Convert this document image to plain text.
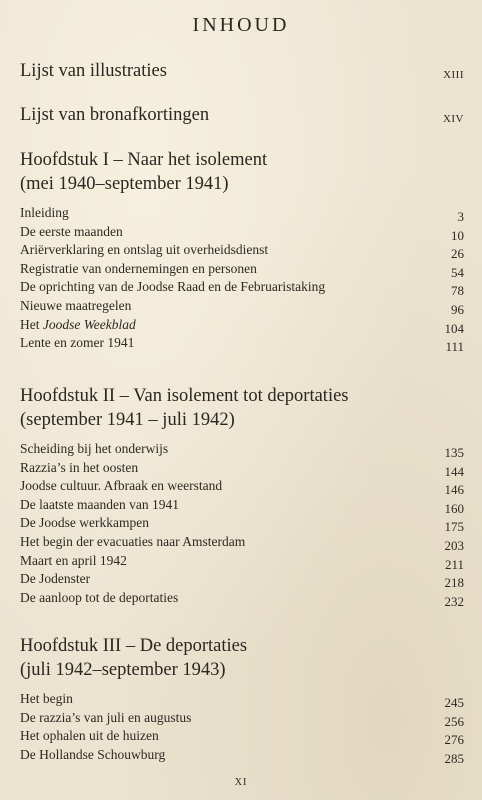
INHOUD
Lijst van illustraties	XIII
Lijst van bronafkortingen	XIV
Hoofdstuk I – Naar het isolement
(mei 1940–september 1941)
Inleiding	3
De eerste maanden	10
Ariërverklaring en ontslag uit overheidsdienst	26
Registratie van ondernemingen en personen	54
De oprichting van de Joodse Raad en de Februaristaking	78
Nieuwe maatregelen	96
Het Joodse Weekblad	104
Lente en zomer 1941	111
Hoofdstuk II – Van isolement tot deportaties
(september 1941 – juli 1942)
Scheiding bij het onderwijs	135
Razzia’s in het oosten	144
Joodse cultuur. Afbraak en weerstand	146
De laatste maanden van 1941	160
De Joodse werkkampen	175
Het begin der evacuaties naar Amsterdam	203
Maart en april 1942	211
De Jodenster	218
De aanloop tot de deportaties	232
Hoofdstuk III – De deportaties
(juli 1942–september 1943)
Het begin	245
De razzia’s van juli en augustus	256
Het ophalen uit de huizen	276
De Hollandse Schouwburg	285
XI
